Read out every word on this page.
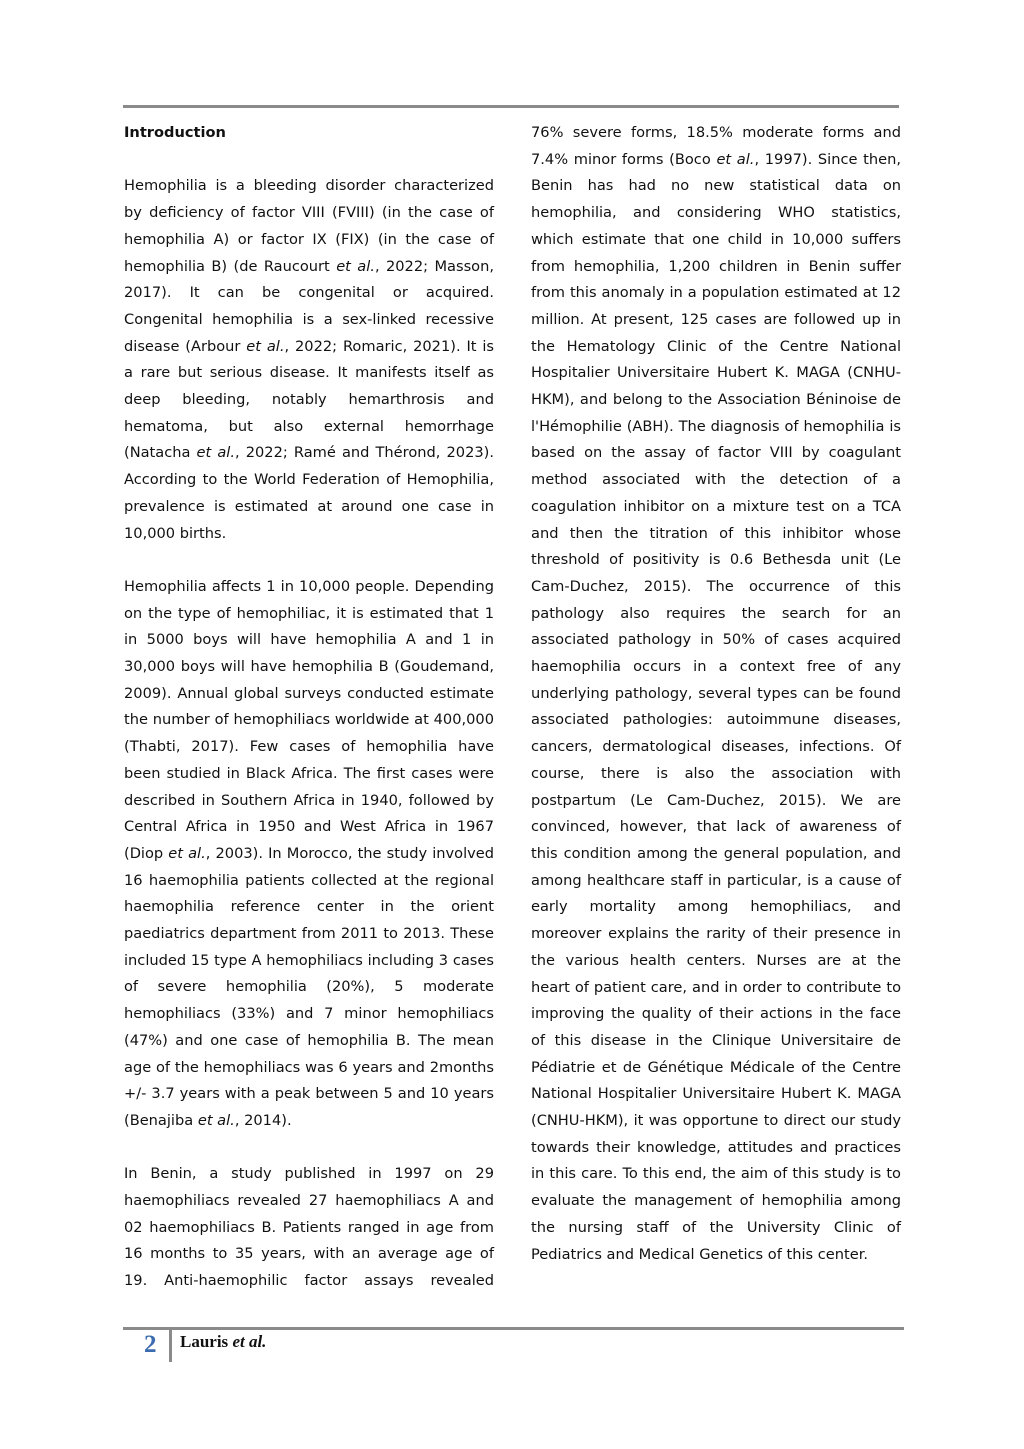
Introduction

Hemophilia is a bleeding disorder characterized by deficiency of factor VIII (FVIII) (in the case of hemophilia A) or factor IX (FIX) (in the case of hemophilia B) (de Raucourt et al., 2022; Masson, 2017). It can be congenital or acquired. Congenital hemophilia is a sex-linked recessive disease (Arbour et al., 2022; Romaric, 2021). It is a rare but serious disease. It manifests itself as deep bleeding, notably hemarthrosis and hematoma, but also external hemorrhage (Natacha et al., 2022; Ramé and Thérond, 2023). According to the World Federation of Hemophilia, prevalence is estimated at around one case in 10,000 births.

Hemophilia affects 1 in 10,000 people. Depending on the type of hemophiliac, it is estimated that 1 in 5000 boys will have hemophilia A and 1 in 30,000 boys will have hemophilia B (Goudemand, 2009). Annual global surveys conducted estimate the number of hemophiliacs worldwide at 400,000 (Thabti, 2017). Few cases of hemophilia have been studied in Black Africa. The first cases were described in Southern Africa in 1940, followed by Central Africa in 1950 and West Africa in 1967 (Diop et al., 2003). In Morocco, the study involved 16 haemophilia patients collected at the regional haemophilia reference center in the orient paediatrics department from 2011 to 2013. These included 15 type A hemophiliacs including 3 cases of severe hemophilia (20%), 5 moderate hemophiliacs (33%) and 7 minor hemophiliacs (47%) and one case of hemophilia B. The mean age of the hemophiliacs was 6 years and 2months +/- 3.7 years with a peak between 5 and 10 years (Benajiba et al., 2014).

In Benin, a study published in 1997 on 29 haemophiliacs revealed 27 haemophiliacs A and 02 haemophiliacs B. Patients ranged in age from 16 months to 35 years, with an average age of 19. Anti-haemophilic factor assays revealed

76% severe forms, 18.5% moderate forms and 7.4% minor forms (Boco et al., 1997). Since then, Benin has had no new statistical data on hemophilia, and considering WHO statistics, which estimate that one child in 10,000 suffers from hemophilia, 1,200 children in Benin suffer from this anomaly in a population estimated at 12 million. At present, 125 cases are followed up in the Hematology Clinic of the Centre National Hospitalier Universitaire Hubert K. MAGA (CNHU-HKM), and belong to the Association Béninoise de l'Hémophilie (ABH). The diagnosis of hemophilia is based on the assay of factor VIII by coagulant method associated with the detection of a coagulation inhibitor on a mixture test on a TCA and then the titration of this inhibitor whose threshold of positivity is 0.6 Bethesda unit (Le Cam-Duchez, 2015). The occurrence of this pathology also requires the search for an associated pathology in 50% of cases acquired haemophilia occurs in a context free of any underlying pathology, several types can be found associated pathologies: autoimmune diseases, cancers, dermatological diseases, infections. Of course, there is also the association with postpartum (Le Cam-Duchez, 2015). We are convinced, however, that lack of awareness of this condition among the general population, and among healthcare staff in particular, is a cause of early mortality among hemophiliacs, and moreover explains the rarity of their presence in the various health centers. Nurses are at the heart of patient care, and in order to contribute to improving the quality of their actions in the face of this disease in the Clinique Universitaire de Pédiatrie et de Génétique Médicale of the Centre National Hospitalier Universitaire Hubert K. MAGA (CNHU-HKM), it was opportune to direct our study towards their knowledge, attitudes and practices in this care. To this end, the aim of this study is to evaluate the management of hemophilia among the nursing staff of the University Clinic of Pediatrics and Medical Genetics of this center.

2 Lauris et al.
